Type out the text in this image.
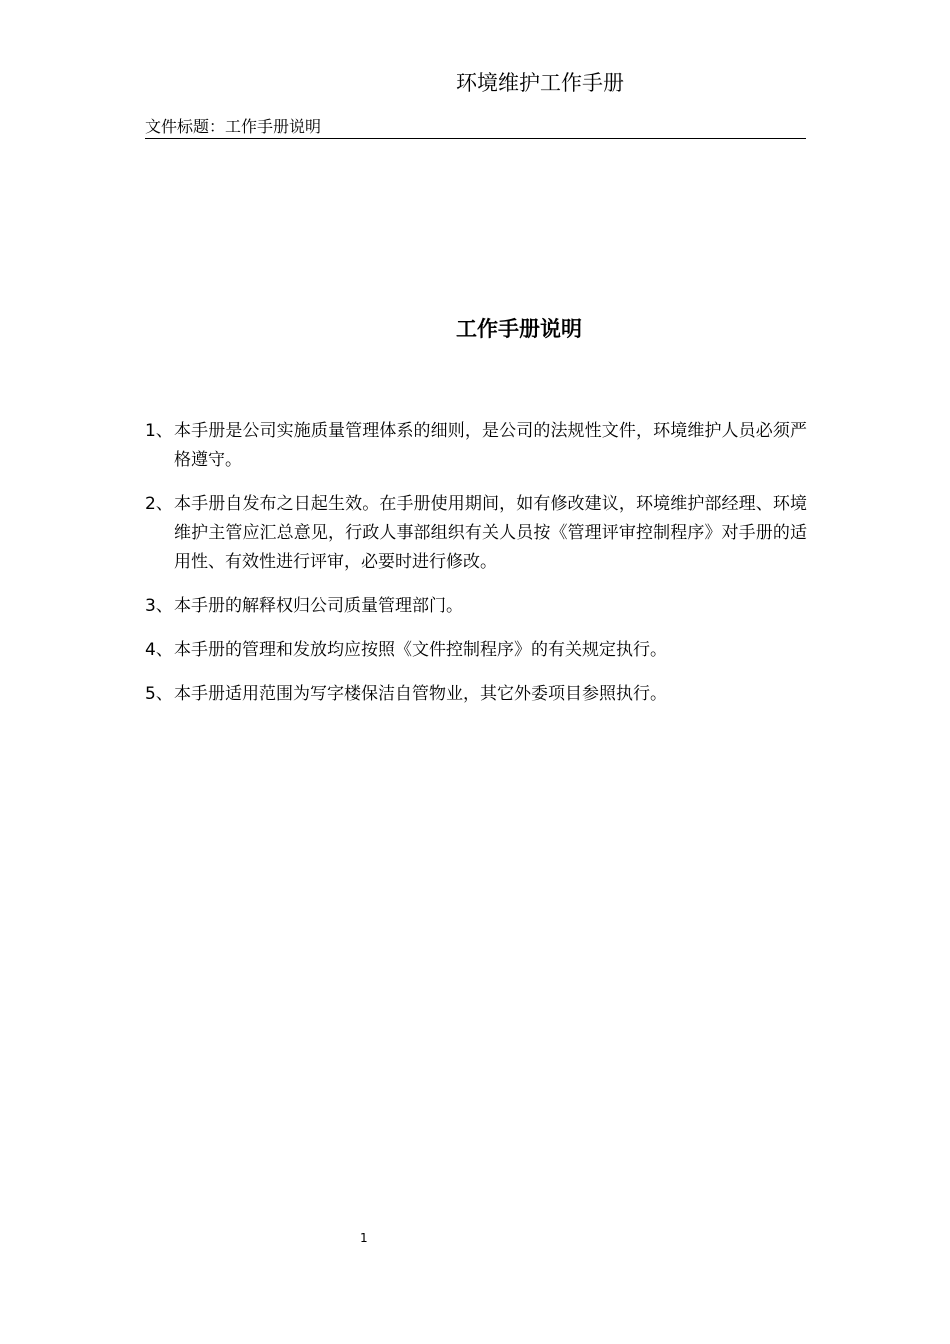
环境维护工作手册
文件标题：工作手册说明
工作手册说明
1、 本手册是公司实施质量管理体系的细则，是公司的法规性文件，环境维护人员必须严格遵守。
2、 本手册自发布之日起生效。在手册使用期间，如有修改建议，环境维护部经理、环境维护主管应汇总意见，行政人事部组织有关人员按《管理评审控制程序》对手册的适用性、有效性进行评审，必要时进行修改。
3、 本手册的解释权归公司质量管理部门。
4、 本手册的管理和发放均应按照《文件控制程序》的有关规定执行。
5、 本手册适用范围为写字楼保洁自管物业，其它外委项目参照执行。
1
